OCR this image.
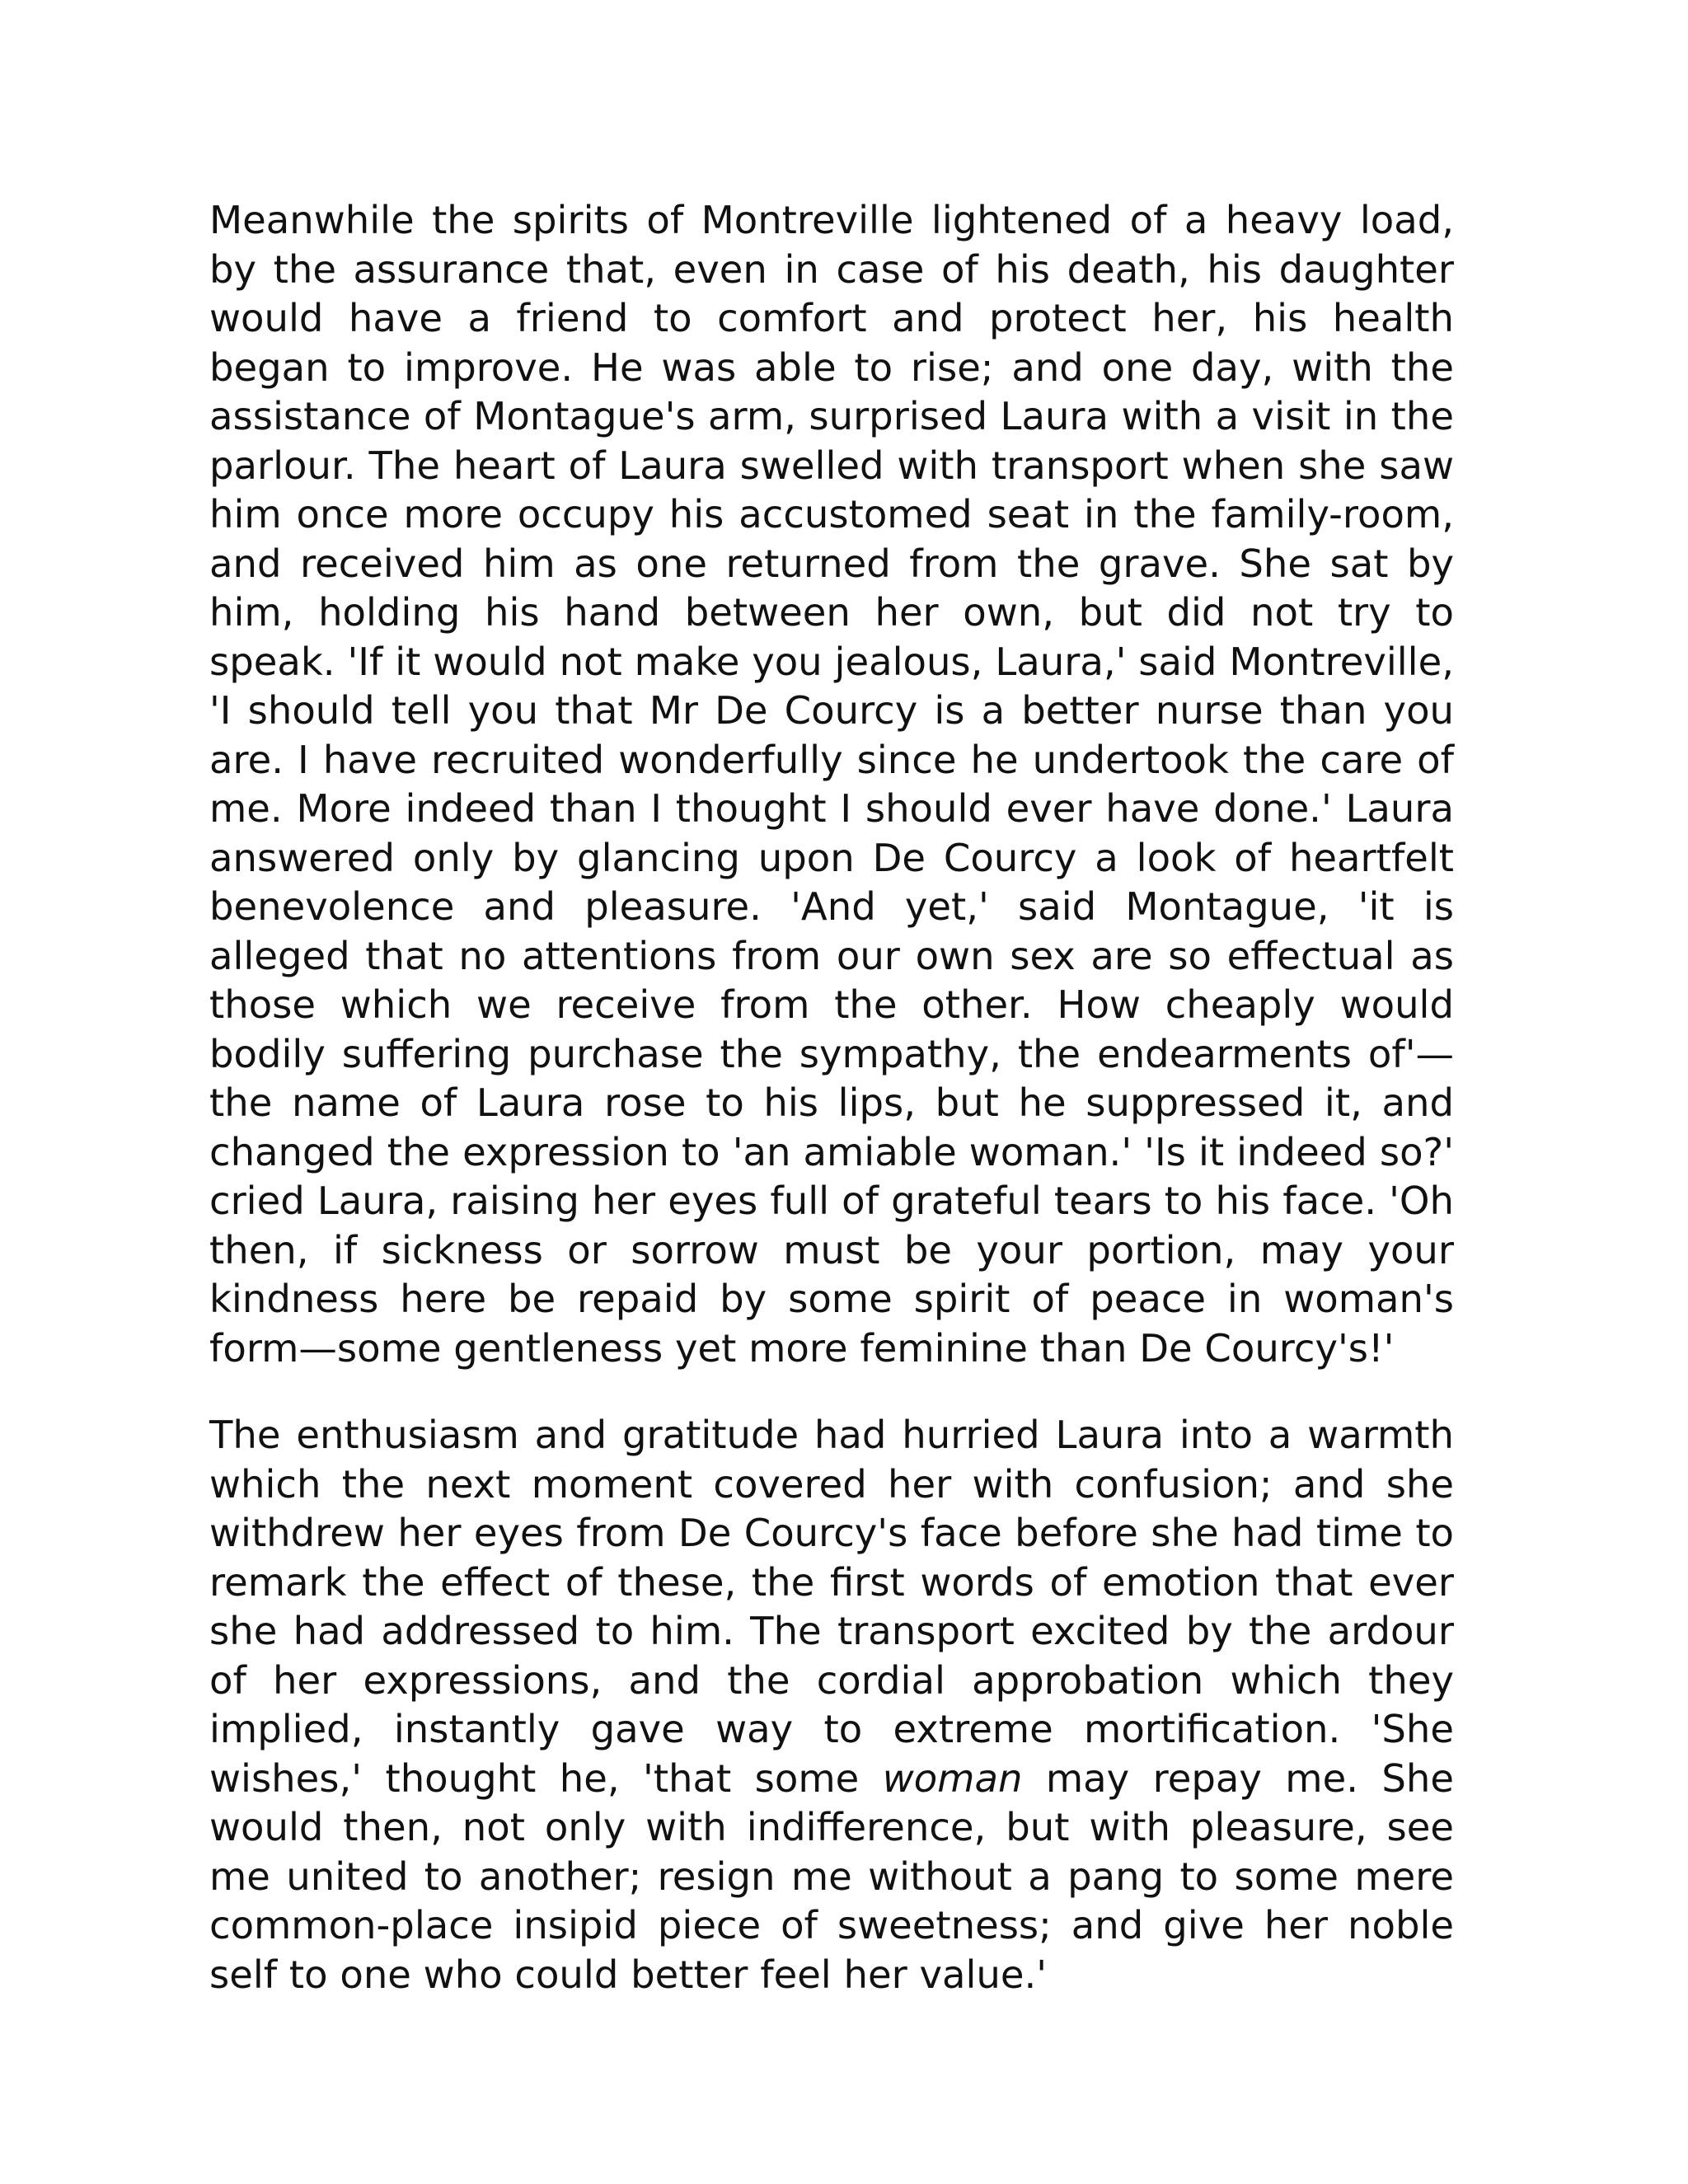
Meanwhile the spirits of Montreville lightened of a heavy load, by the assurance that, even in case of his death, his daughter would have a friend to comfort and protect her, his health began to improve. He was able to rise; and one day, with the assistance of Montague's arm, surprised Laura with a visit in the parlour. The heart of Laura swelled with transport when she saw him once more occupy his accustomed seat in the family-room, and received him as one returned from the grave. She sat by him, holding his hand between her own, but did not try to speak. 'If it would not make you jealous, Laura,' said Montreville, 'I should tell you that Mr De Courcy is a better nurse than you are. I have recruited wonderfully since he undertook the care of me. More indeed than I thought I should ever have done.' Laura answered only by glancing upon De Courcy a look of heartfelt benevolence and pleasure. 'And yet,' said Montague, 'it is alleged that no attentions from our own sex are so effectual as those which we receive from the other. How cheaply would bodily suffering purchase the sympathy, the endearments of'—the name of Laura rose to his lips, but he suppressed it, and changed the expression to 'an amiable woman.' 'Is it indeed so?' cried Laura, raising her eyes full of grateful tears to his face. 'Oh then, if sickness or sorrow must be your portion, may your kindness here be repaid by some spirit of peace in woman's form—some gentleness yet more feminine than De Courcy's!'

The enthusiasm and gratitude had hurried Laura into a warmth which the next moment covered her with confusion; and she withdrew her eyes from De Courcy's face before she had time to remark the effect of these, the first words of emotion that ever she had addressed to him. The transport excited by the ardour of her expressions, and the cordial approbation which they implied, instantly gave way to extreme mortification. 'She wishes,' thought he, 'that some woman may repay me. She would then, not only with indifference, but with pleasure, see me united to another; resign me without a pang to some mere common-place insipid piece of sweetness; and give her noble self to one who could better feel her value.'
